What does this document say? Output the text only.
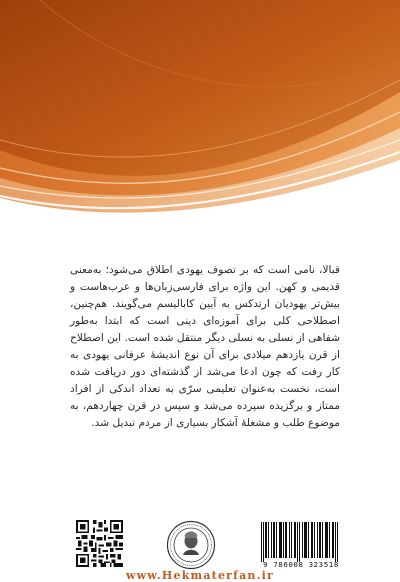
قبالا، نامی است که بر تصوف یهودی اطلاق می‌شود؛ به‌معنی قدیمی و کهن. این واژه برای فارسی‌زبان‌ها و عرب‌هاست و بیش‌تر یهودیان ارتدکس به آیین کابالیسم می‌گویند. هم‌چنین، اصطلاحی کلی برای آموزه‌ای دینی است که ابتدا به‌طور شفاهی از نسلی به نسلی دیگر منتقل شده است. این اصطلاح از قرن یازدهم میلادی برای آن نوع اندیشهٔ عرفانی یهودی به کار رفت که چون ادعا می‌شد از گذشته‌ای دور دریافت شده است، نخست به‌عنوان تعلیمی سرّی به تعداد اندکی از افراد ممتاز و برگزیده سپرده می‌شد و سپس در قرن چهاردهم، به موضوع طلب و مشغلهٔ آشکار بسیاری از مردم تبدیل شد.

9 786008 323518
www.Hekmaterfan.ir
